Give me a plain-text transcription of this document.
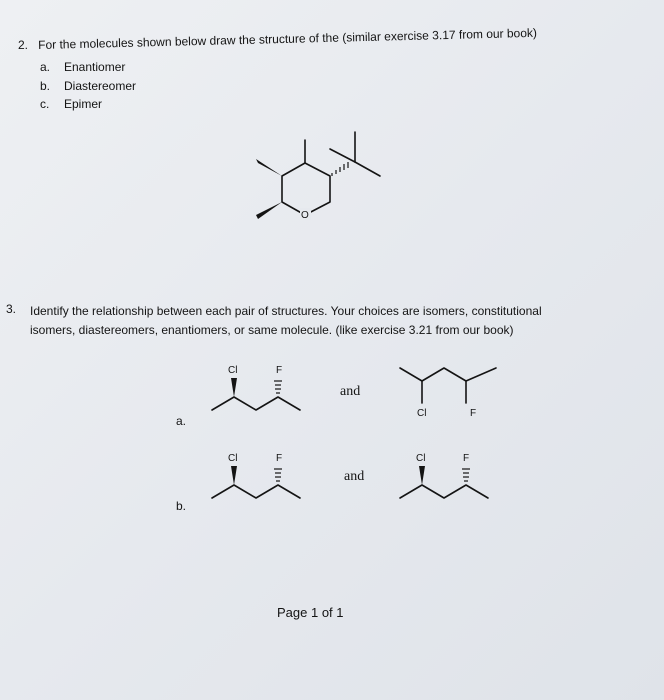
2. For the molecules shown below draw the structure of the (similar exercise 3.17 from our book)
a. Enantiomer
b. Diastereomer
c. Epimer
3. Identify the relationship between each pair of structures. Your choices are isomers, constitutional
isomers, diastereomers, enantiomers, or same molecule. (like exercise 3.21 from our book)
and
a.
and
b.
Page 1 of 1
O
Cl	F
Cl	F
Cl	F	Cl	F
